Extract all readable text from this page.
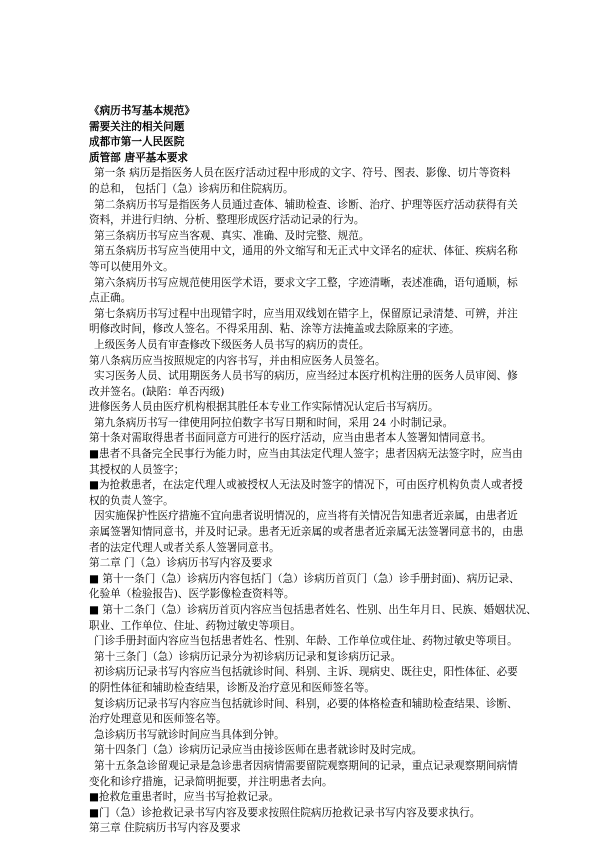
《病历书写基本规范》
需要关注的相关问题
成都市第一人民医院
质管部 唐平基本要求
第一条 病历是指医务人员在医疗活动过程中形成的文字、符号、图表、影像、切片等资料
的总和， 包括门（急）诊病历和住院病历。
第二条病历书写是指医务人员通过查体、辅助检查、诊断、治疗、护理等医疗活动获得有关
资料，并进行归纳、分析、整理形成医疗活动记录的行为。
第三条病历书写应当客观、真实、准确、及时完整、规范。
第五条病历书写应当使用中文，通用的外文缩写和无正式中文译名的症状、体征、疾病名称
等可以使用外文。
第六条病历书写应规范使用医学术语，要求文字工整，字迹清晰，表述准确，语句通顺，标
点正确。
第七条病历书写过程中出现错字时，应当用双线划在错字上，保留原记录清楚、可辨，并注
明修改时间，修改人签名。不得采用刮、粘、涂等方法掩盖或去除原来的字迹。
上级医务人员有审查修改下级医务人员书写的病历的责任。
第八条病历应当按照规定的内容书写，并由相应医务人员签名。
实习医务人员、试用期医务人员书写的病历，应当经过本医疗机构注册的医务人员审阅、修
改并签名。(缺陷：单否丙级)
进修医务人员由医疗机构根据其胜任本专业工作实际情况认定后书写病历。
第九条病历书写一律使用阿拉伯数字书写日期和时间，采用 24 小时制记录。
第十条对需取得患者书面同意方可进行的医疗活动，应当由患者本人签署知情同意书。
■患者不具备完全民事行为能力时，应当由其法定代理人签字；患者因病无法签字时，应当由
其授权的人员签字；
■为抢救患者，在法定代理人或被授权人无法及时签字的情况下，可由医疗机构负责人或者授
权的负责人签字。
因实施保护性医疗措施不宜向患者说明情况的，应当将有关情况告知患者近亲属，由患者近
亲属签署知情同意书，并及时记录。患者无近亲属的或者患者近亲属无法签署同意书的，由患
者的法定代理人或者关系人签署同意书。
第二章 门（急）诊病历书写内容及要求
■ 第十一条门（急）诊病历内容包括门（急）诊病历首页门（急）诊手册封面)、病历记录、
化验单（检验报告)、医学影像检查资料等。
■ 第十二条门（急）诊病历首页内容应当包括患者姓名、性别、出生年月日、民族、婚姻状况、
职业、工作单位、住址、药物过敏史等项目。
门诊手册封面内容应当包括患者姓名、性别、年龄、工作单位或住址、药物过敏史等项目。
第十三条门（急）诊病历记录分为初诊病历记录和复诊病历记录。
初诊病历记录书写内容应当包括就诊时间、科别、主诉、现病史、既往史，阳性体征、必要
的阴性体征和辅助检查结果，诊断及治疗意见和医师签名等。
复诊病历记录书写内容应当包括就诊时间、科别，必要的体格检查和辅助检查结果、诊断、
治疗处理意见和医师签名等。
急诊病历书写就诊时间应当具体到分钟。
第十四条门（急）诊病历记录应当由接诊医师在患者就诊时及时完成。
第十五条急诊留观记录是急诊患者因病情需要留院观察期间的记录，重点记录观察期间病情
变化和诊疗措施，记录简明扼要，并注明患者去向。
■抢救危重患者时，应当书写抢救记录。
■门（急）诊抢救记录书写内容及要求按照住院病历抢救记录书写内容及要求执行。
第三章 住院病历书写内容及要求
